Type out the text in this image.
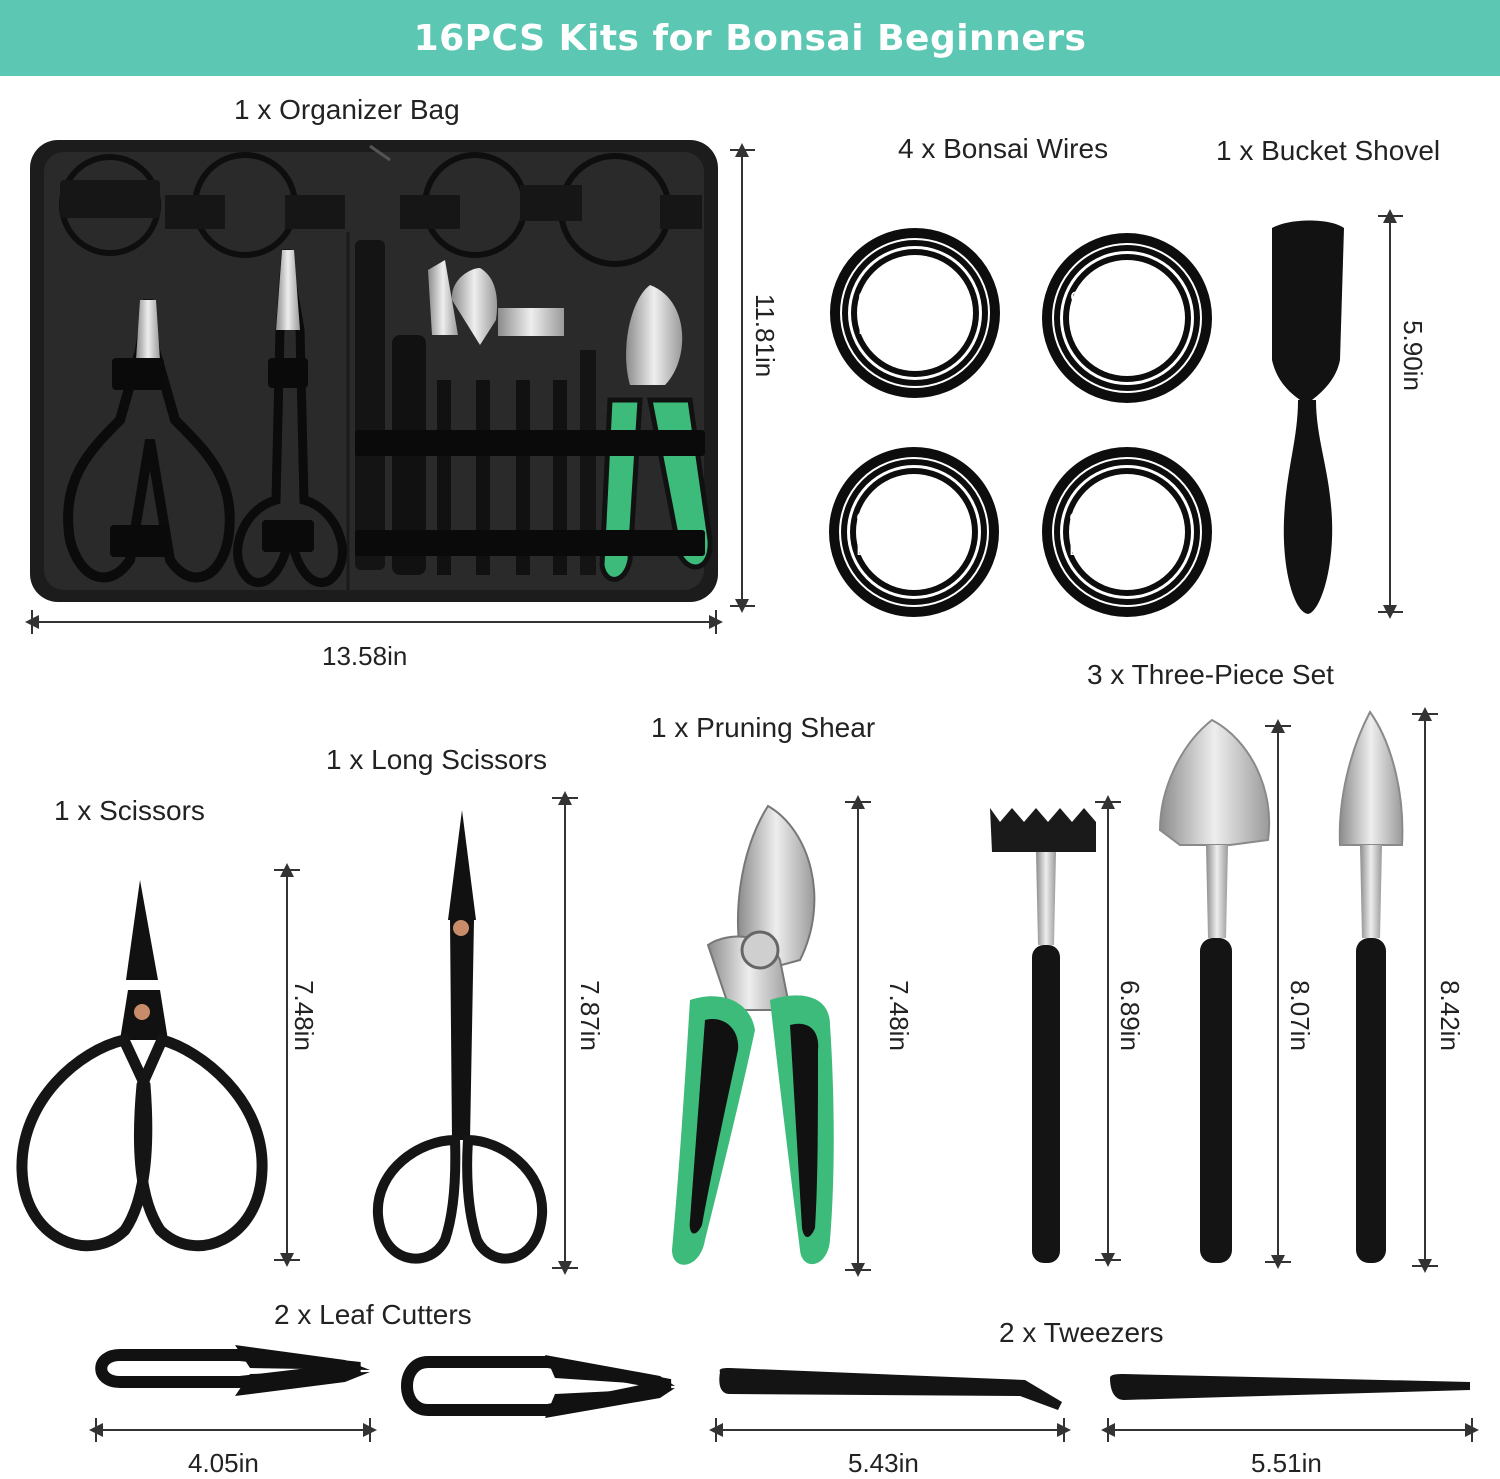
16PCS Kits for Bonsai Beginners
Φ=2.0mm
L=32ft/10m
Φ=1.5mm
L=32ft/10m
Φ=1.0mm
L=32ft/10m
Φ=1.0mm
L=32ft/10m
1 x Organizer Bag
4 x Bonsai Wires	1 x Bucket Shovel
3 x Three-Piece Set
1 x Pruning Shear
1 x Long Scissors
1 x Scissors
2 x Leaf Cutters
2 x Tweezers
13.58in
4.05in	5.43in	5.51in
11.81in	5.90in
7.48in	7.87in	7.48in	6.89in	8.07in	8.42in
